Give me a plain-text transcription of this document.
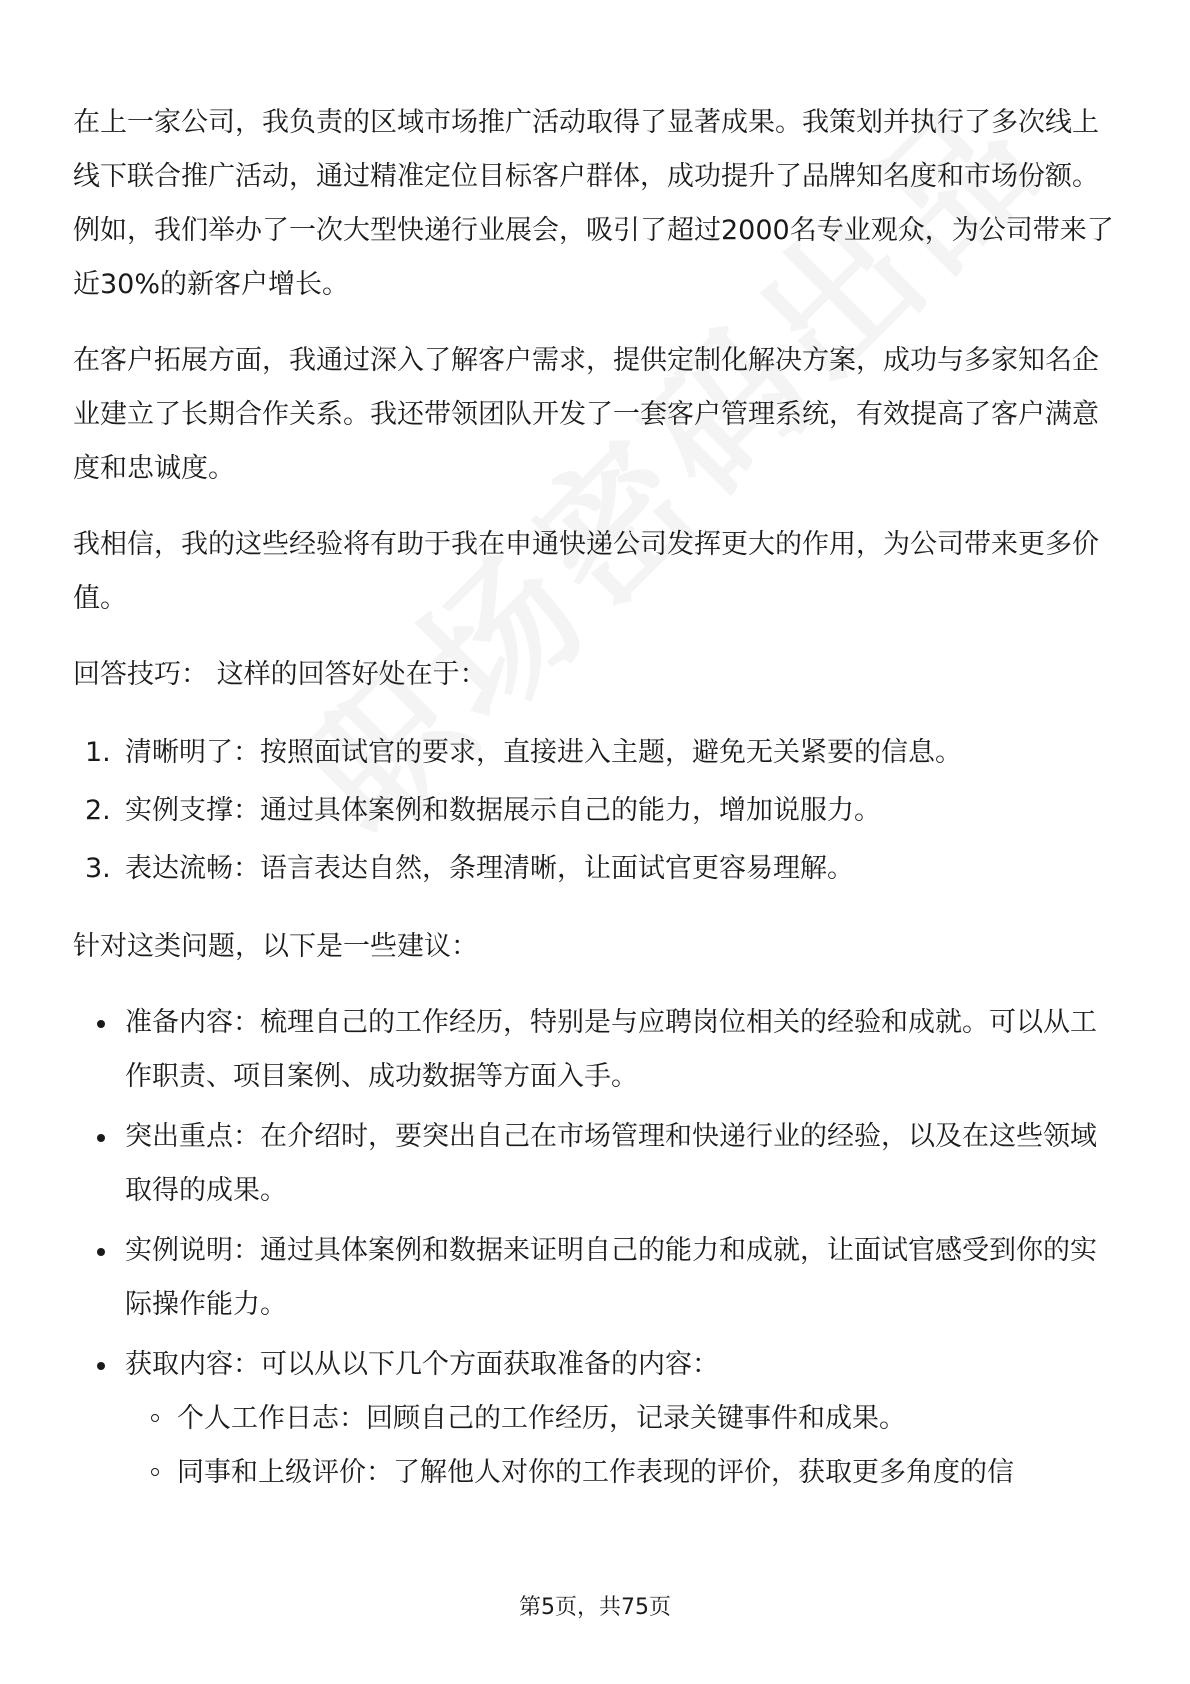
在上一家公司，我负责的区域市场推广活动取得了显著成果。我策划并执行了多次线上线下联合推广活动，通过精准定位目标客户群体，成功提升了品牌知名度和市场份额。例如，我们举办了一次大型快递行业展会，吸引了超过2000名专业观众，为公司带来了近30%的新客户增长。

在客户拓展方面，我通过深入了解客户需求，提供定制化解决方案，成功与多家知名企业建立了长期合作关系。我还带领团队开发了一套客户管理系统，有效提高了客户满意度和忠诚度。

我相信，我的这些经验将有助于我在申通快递公司发挥更大的作用，为公司带来更多价值。

回答技巧： 这样的回答好处在于：

1. 清晰明了：按照面试官的要求，直接进入主题，避免无关紧要的信息。
2. 实例支撑：通过具体案例和数据展示自己的能力，增加说服力。
3. 表达流畅：语言表达自然，条理清晰，让面试官更容易理解。

针对这类问题，以下是一些建议：

准备内容：梳理自己的工作经历，特别是与应聘岗位相关的经验和成就。可以从工作职责、项目案例、成功数据等方面入手。
突出重点：在介绍时，要突出自己在市场管理和快递行业的经验，以及在这些领域取得的成果。
实例说明：通过具体案例和数据来证明自己的能力和成就，让面试官感受到你的实际操作能力。
获取内容：可以从以下几个方面获取准备的内容：
个人工作日志：回顾自己的工作经历，记录关键事件和成果。
同事和上级评价：了解他人对你的工作表现的评价，获取更多角度的信
第5页，共75页
